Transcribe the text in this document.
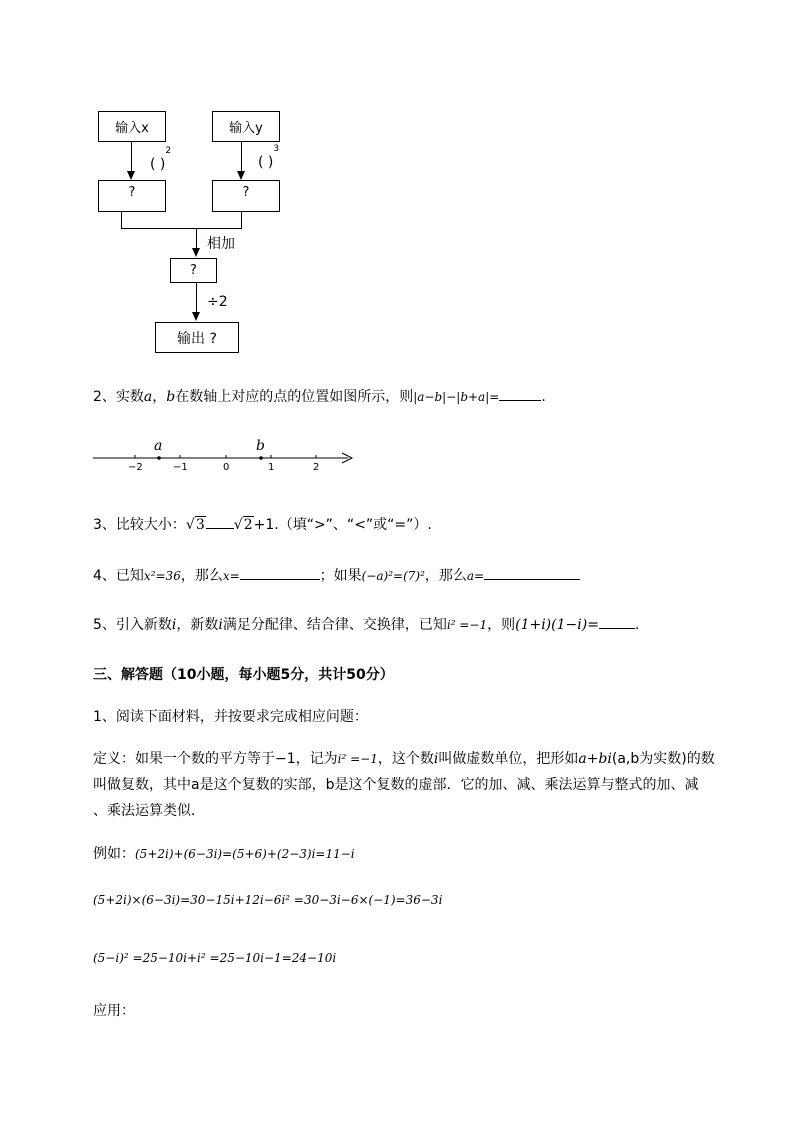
输入x	输入y
( )$^2$
( )$^3$
?	?
相加
?
÷2
输出 ?
2、实数a，b在数轴上对应的点的位置如图所示，则|a−b|−|b+a|=	.
a	b
−2	−1	0	1	2
3、比较大小：√3 √2+1.（填“>”、“<”或“=”）.
4、已知x²=36，那么x=	；如果(−a)²=(7)²，那么a=
5、引入新数i，新数i满足分配律、结合律、交换律，已知i² =−1，则(1+i)(1−i)=	.
三、解答题（10小题，每小题5分，共计50分）
1、阅读下面材料，并按要求完成相应问题：
定义：如果一个数的平方等于−1，记为i² =−1，这个数i叫做虚数单位，把形如a+bi(a,b为实数)的数
叫做复数，其中a是这个复数的实部，b是这个复数的虚部．它的加、减、乘法运算与整式的加、减
、乘法运算类似．
例如：(5+2i)+(6−3i)=(5+6)+(2−3)i=11−i
(5+2i)×(6−3i)=30−15i+12i−6i² =30−3i−6×(−1)=36−3i
(5−i)² =25−10i+i² =25−10i−1=24−10i
应用：
